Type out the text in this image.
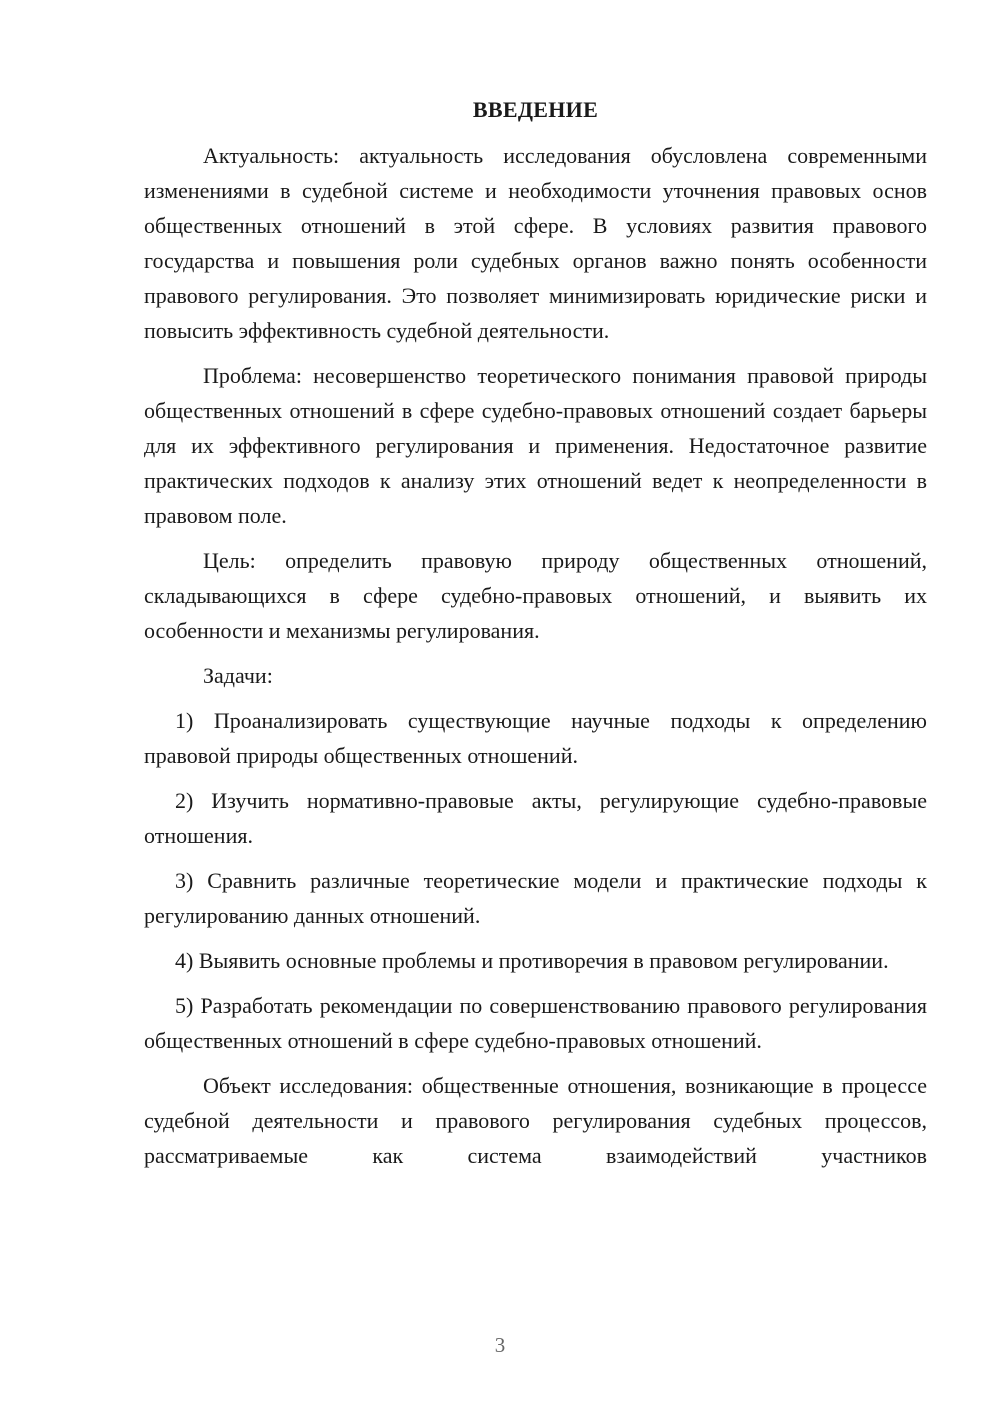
ВВЕДЕНИЕ

Актуальность: актуальность исследования обусловлена современными изменениями в судебной системе и необходимости уточнения правовых основ общественных отношений в этой сфере. В условиях развития правового государства и повышения роли судебных органов важно понять особенности правового регулирования. Это позволяет минимизировать юридические риски и повысить эффективность судебной деятельности.

Проблема: несовершенство теоретического понимания правовой природы общественных отношений в сфере судебно-правовых отношений создает барьеры для их эффективного регулирования и применения. Недостаточное развитие практических подходов к анализу этих отношений ведет к неопределенности в правовом поле.

Цель: определить правовую природу общественных отношений, складывающихся в сфере судебно-правовых отношений, и выявить их особенности и механизмы регулирования.

Задачи:

1) Проанализировать существующие научные подходы к определению правовой природы общественных отношений.

2) Изучить нормативно-правовые акты, регулирующие судебно-правовые отношения.

3) Сравнить различные теоретические модели и практические подходы к регулированию данных отношений.

4) Выявить основные проблемы и противоречия в правовом регулировании.

5) Разработать рекомендации по совершенствованию правового регулирования общественных отношений в сфере судебно-правовых отношений.

Объект исследования: общественные отношения, возникающие в процессе судебной деятельности и правового регулирования судебных процессов, рассматриваемые как система взаимодействий участников

3
